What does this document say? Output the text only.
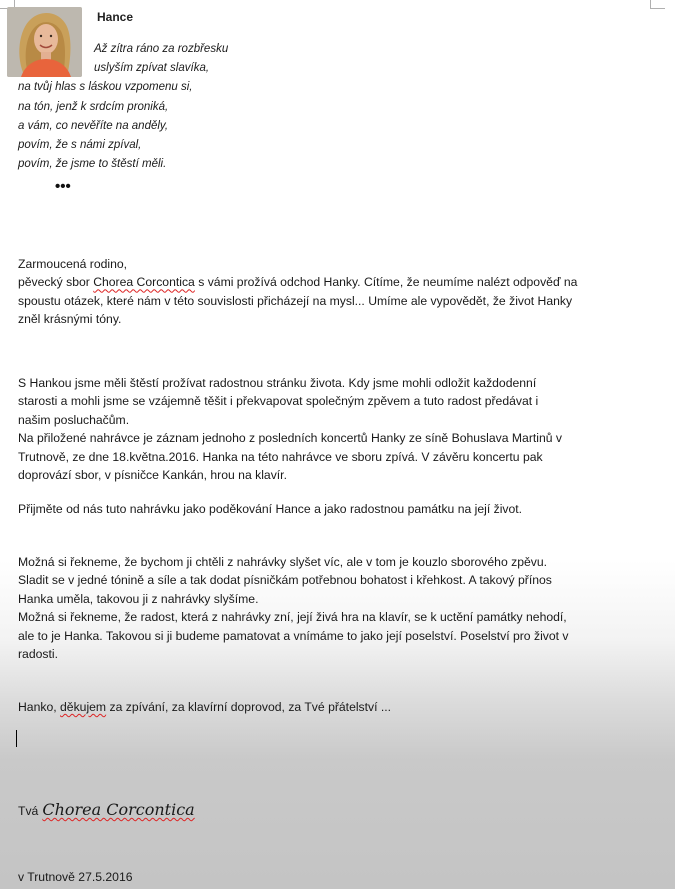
Hance
Až zítra ráno za rozbřesku
uslyším zpívat slavíka,
na tvůj hlas s láskou vzpomenu si,
na tón, jenž k srdcím proniká,
a vám, co nevěříte na anděly,
povím, že s námi zpíval,
povím, že jsme to štěstí měli.
•••
Zarmoucená rodino,
pěvecký sbor Chorea Corcontica s vámi prožívá odchod Hanky. Cítíme, že neumíme nalézt odpověď na
spoustu otázek, které nám v této souvislosti přicházejí na mysl... Umíme ale vypovědět, že život Hanky
zněl krásnými tóny.
S Hankou jsme měli štěstí prožívat radostnou stránku života. Kdy jsme mohli odložit každodenní
starosti a mohli jsme se vzájemně těšit i překvapovat společným zpěvem a tuto radost předávat i
našim posluchačům.
Na přiložené nahrávce je záznam jednoho z posledních koncertů Hanky ze síně Bohuslava Martinů v
Trutnově, ze dne 18.května.2016. Hanka na této nahrávce ve sboru zpívá. V závěru koncertu pak
doprovází sbor, v písničce Kankán, hrou na klavír.
Přijměte od nás tuto nahrávku jako poděkování Hance a jako radostnou památku na její život.
Možná si řekneme, že bychom ji chtěli z nahrávky slyšet víc, ale v tom je kouzlo sborového zpěvu.
Sladit se v jedné tónině a síle a tak dodat písničkám potřebnou bohatost i křehkost. A takový přínos
Hanka uměla, takovou ji z nahrávky slyšíme.
Možná si řekneme, že radost, která z nahrávky zní, její živá hra na klavír, se k uctění památky nehodí,
ale to je Hanka. Takovou si ji budeme pamatovat a vnímáme to jako její poselství. Poselství pro život v
radosti.
Hanko, děkujem za zpívání, za klavírní doprovod, za Tvé přátelství ...
Tvá Chorea Corcontica
v Trutnově 27.5.2016
